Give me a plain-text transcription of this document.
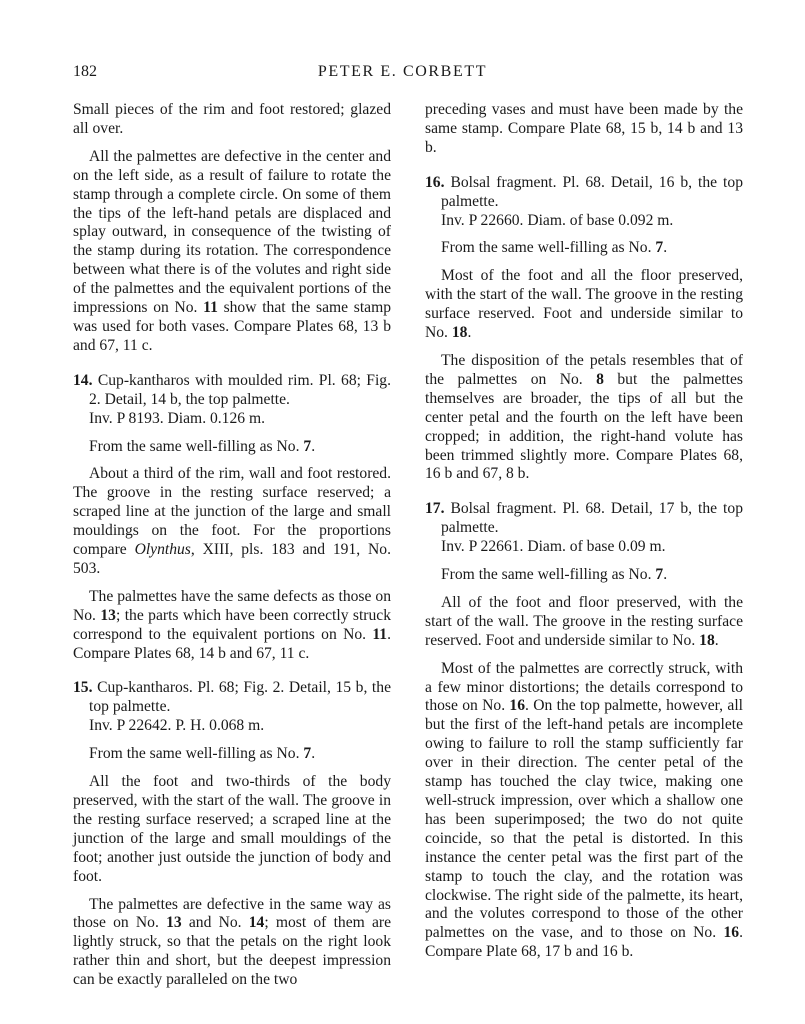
182	PETER E. CORBETT

Small pieces of the rim and foot restored; glazed all over.

All the palmettes are defective in the center and on the left side, as a result of failure to rotate the stamp through a complete circle. On some of them the tips of the left-hand petals are displaced and splay outward, in consequence of the twisting of the stamp during its rotation. The correspondence between what there is of the volutes and right side of the palmettes and the equivalent portions of the impressions on No. 11 show that the same stamp was used for both vases. Compare Plates 68, 13 b and 67, 11 c.

14. Cup-kantharos with moulded rim. Pl. 68; Fig. 2. Detail, 14 b, the top palmette.

Inv. P 8193. Diam. 0.126 m.

From the same well-filling as No. 7.

About a third of the rim, wall and foot restored. The groove in the resting surface reserved; a scraped line at the junction of the large and small mouldings on the foot. For the proportions compare Olynthus, XIII, pls. 183 and 191, No. 503.

The palmettes have the same defects as those on No. 13; the parts which have been correctly struck correspond to the equivalent portions on No. 11. Compare Plates 68, 14 b and 67, 11 c.

15. Cup-kantharos. Pl. 68; Fig. 2. Detail, 15 b, the top palmette.

Inv. P 22642. P. H. 0.068 m.

From the same well-filling as No. 7.

All the foot and two-thirds of the body preserved, with the start of the wall. The groove in the resting surface reserved; a scraped line at the junction of the large and small mouldings of the foot; another just outside the junction of body and foot.

The palmettes are defective in the same way as those on No. 13 and No. 14; most of them are lightly struck, so that the petals on the right look rather thin and short, but the deepest impression can be exactly paralleled on the two

preceding vases and must have been made by the same stamp. Compare Plate 68, 15 b, 14 b and 13 b.

16. Bolsal fragment. Pl. 68. Detail, 16 b, the top palmette.

Inv. P 22660. Diam. of base 0.092 m.

From the same well-filling as No. 7.

Most of the foot and all the floor preserved, with the start of the wall. The groove in the resting surface reserved. Foot and underside similar to No. 18.

The disposition of the petals resembles that of the palmettes on No. 8 but the palmettes themselves are broader, the tips of all but the center petal and the fourth on the left have been cropped; in addition, the right-hand volute has been trimmed slightly more. Compare Plates 68, 16 b and 67, 8 b.

17. Bolsal fragment. Pl. 68. Detail, 17 b, the top palmette.

Inv. P 22661. Diam. of base 0.09 m.

From the same well-filling as No. 7.

All of the foot and floor preserved, with the start of the wall. The groove in the resting surface reserved. Foot and underside similar to No. 18.

Most of the palmettes are correctly struck, with a few minor distortions; the details correspond to those on No. 16. On the top palmette, however, all but the first of the left-hand petals are incomplete owing to failure to roll the stamp sufficiently far over in their direction. The center petal of the stamp has touched the clay twice, making one well-struck impression, over which a shallow one has been superimposed; the two do not quite coincide, so that the petal is distorted. In this instance the center petal was the first part of the stamp to touch the clay, and the rotation was clockwise. The right side of the palmette, its heart, and the volutes correspond to those of the other palmettes on the vase, and to those on No. 16. Compare Plate 68, 17 b and 16 b.
